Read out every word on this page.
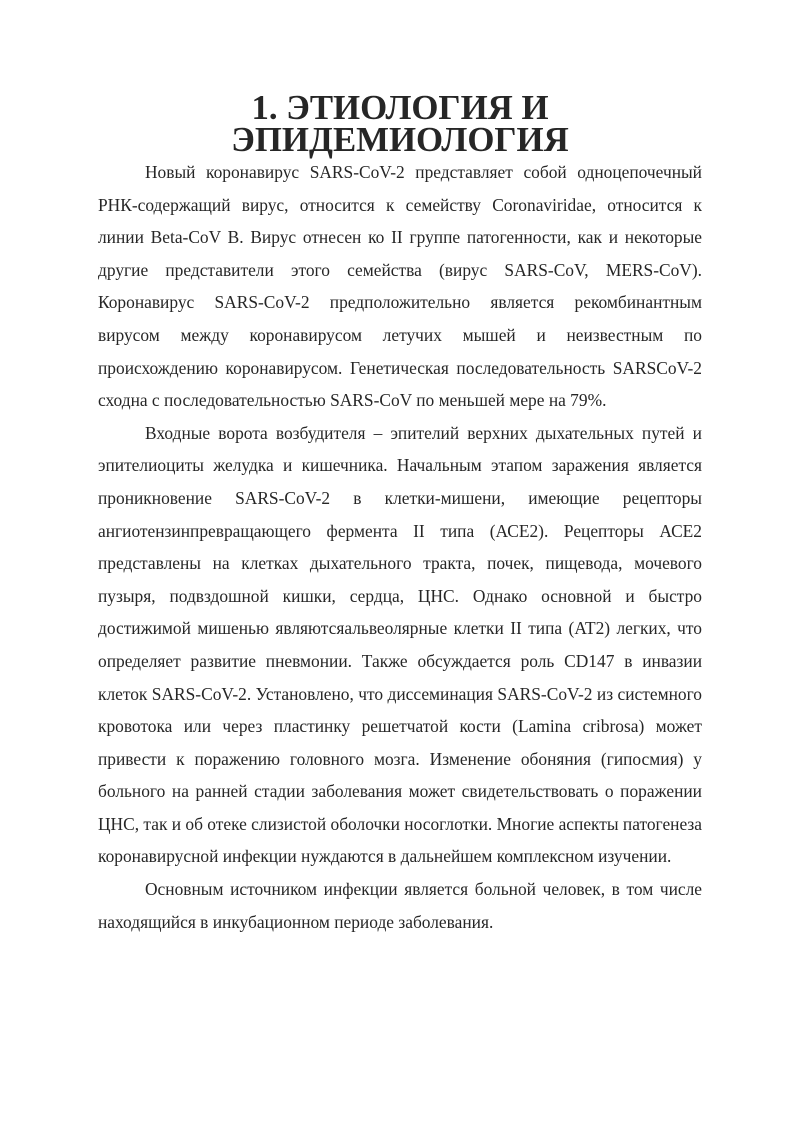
1. ЭТИОЛОГИЯ И ЭПИДЕМИОЛОГИЯ

Новый коронавирус SARS-CoV-2 представляет собой одноцепочечный РНК-содержащий вирус, относится к семейству Coronaviridae, относится к линии Beta-CoV B. Вирус отнесен ко II группе патогенности, как и некоторые другие представители этого семейства (вирус SARS-CoV, MERS-CoV). Коронавирус SARS-CoV-2 предположительно является рекомбинантным вирусом между коронавирусом летучих мышей и неизвестным по происхождению коронавирусом. Генетическая последовательность SARSCoV-2 сходна с последовательностью SARS-CoV по меньшей мере на 79%.

Входные ворота возбудителя – эпителий верхних дыхательных путей и эпителиоциты желудка и кишечника. Начальным этапом заражения является проникновение SARS-CoV-2 в клетки-мишени, имеющие рецепторы ангиотензинпревращающего фермента II типа (АСЕ2). Рецепторы АСЕ2 представлены на клетках дыхательного тракта, почек, пищевода, мочевого пузыря, подвздошной кишки, сердца, ЦНС. Однако основной и быстро достижимой мишенью являютсяальвеолярные клетки II типа (AT2) легких, что определяет развитие пневмонии. Также обсуждается роль CD147 в инвазии клеток SARS-CoV-2. Установлено, что диссеминация SARS-CoV-2 из системного кровотока или через пластинку решетчатой кости (Lamina cribrosa) может привести к поражению головного мозга. Изменение обоняния (гипосмия) у больного на ранней стадии заболевания может свидетельствовать о поражении ЦНС, так и об отеке слизистой оболочки носоглотки. Многие аспекты патогенеза коронавирусной инфекции нуждаются в дальнейшем комплексном изучении.

Основным источником инфекции является больной человек, в том числе находящийся в инкубационном периоде заболевания.
